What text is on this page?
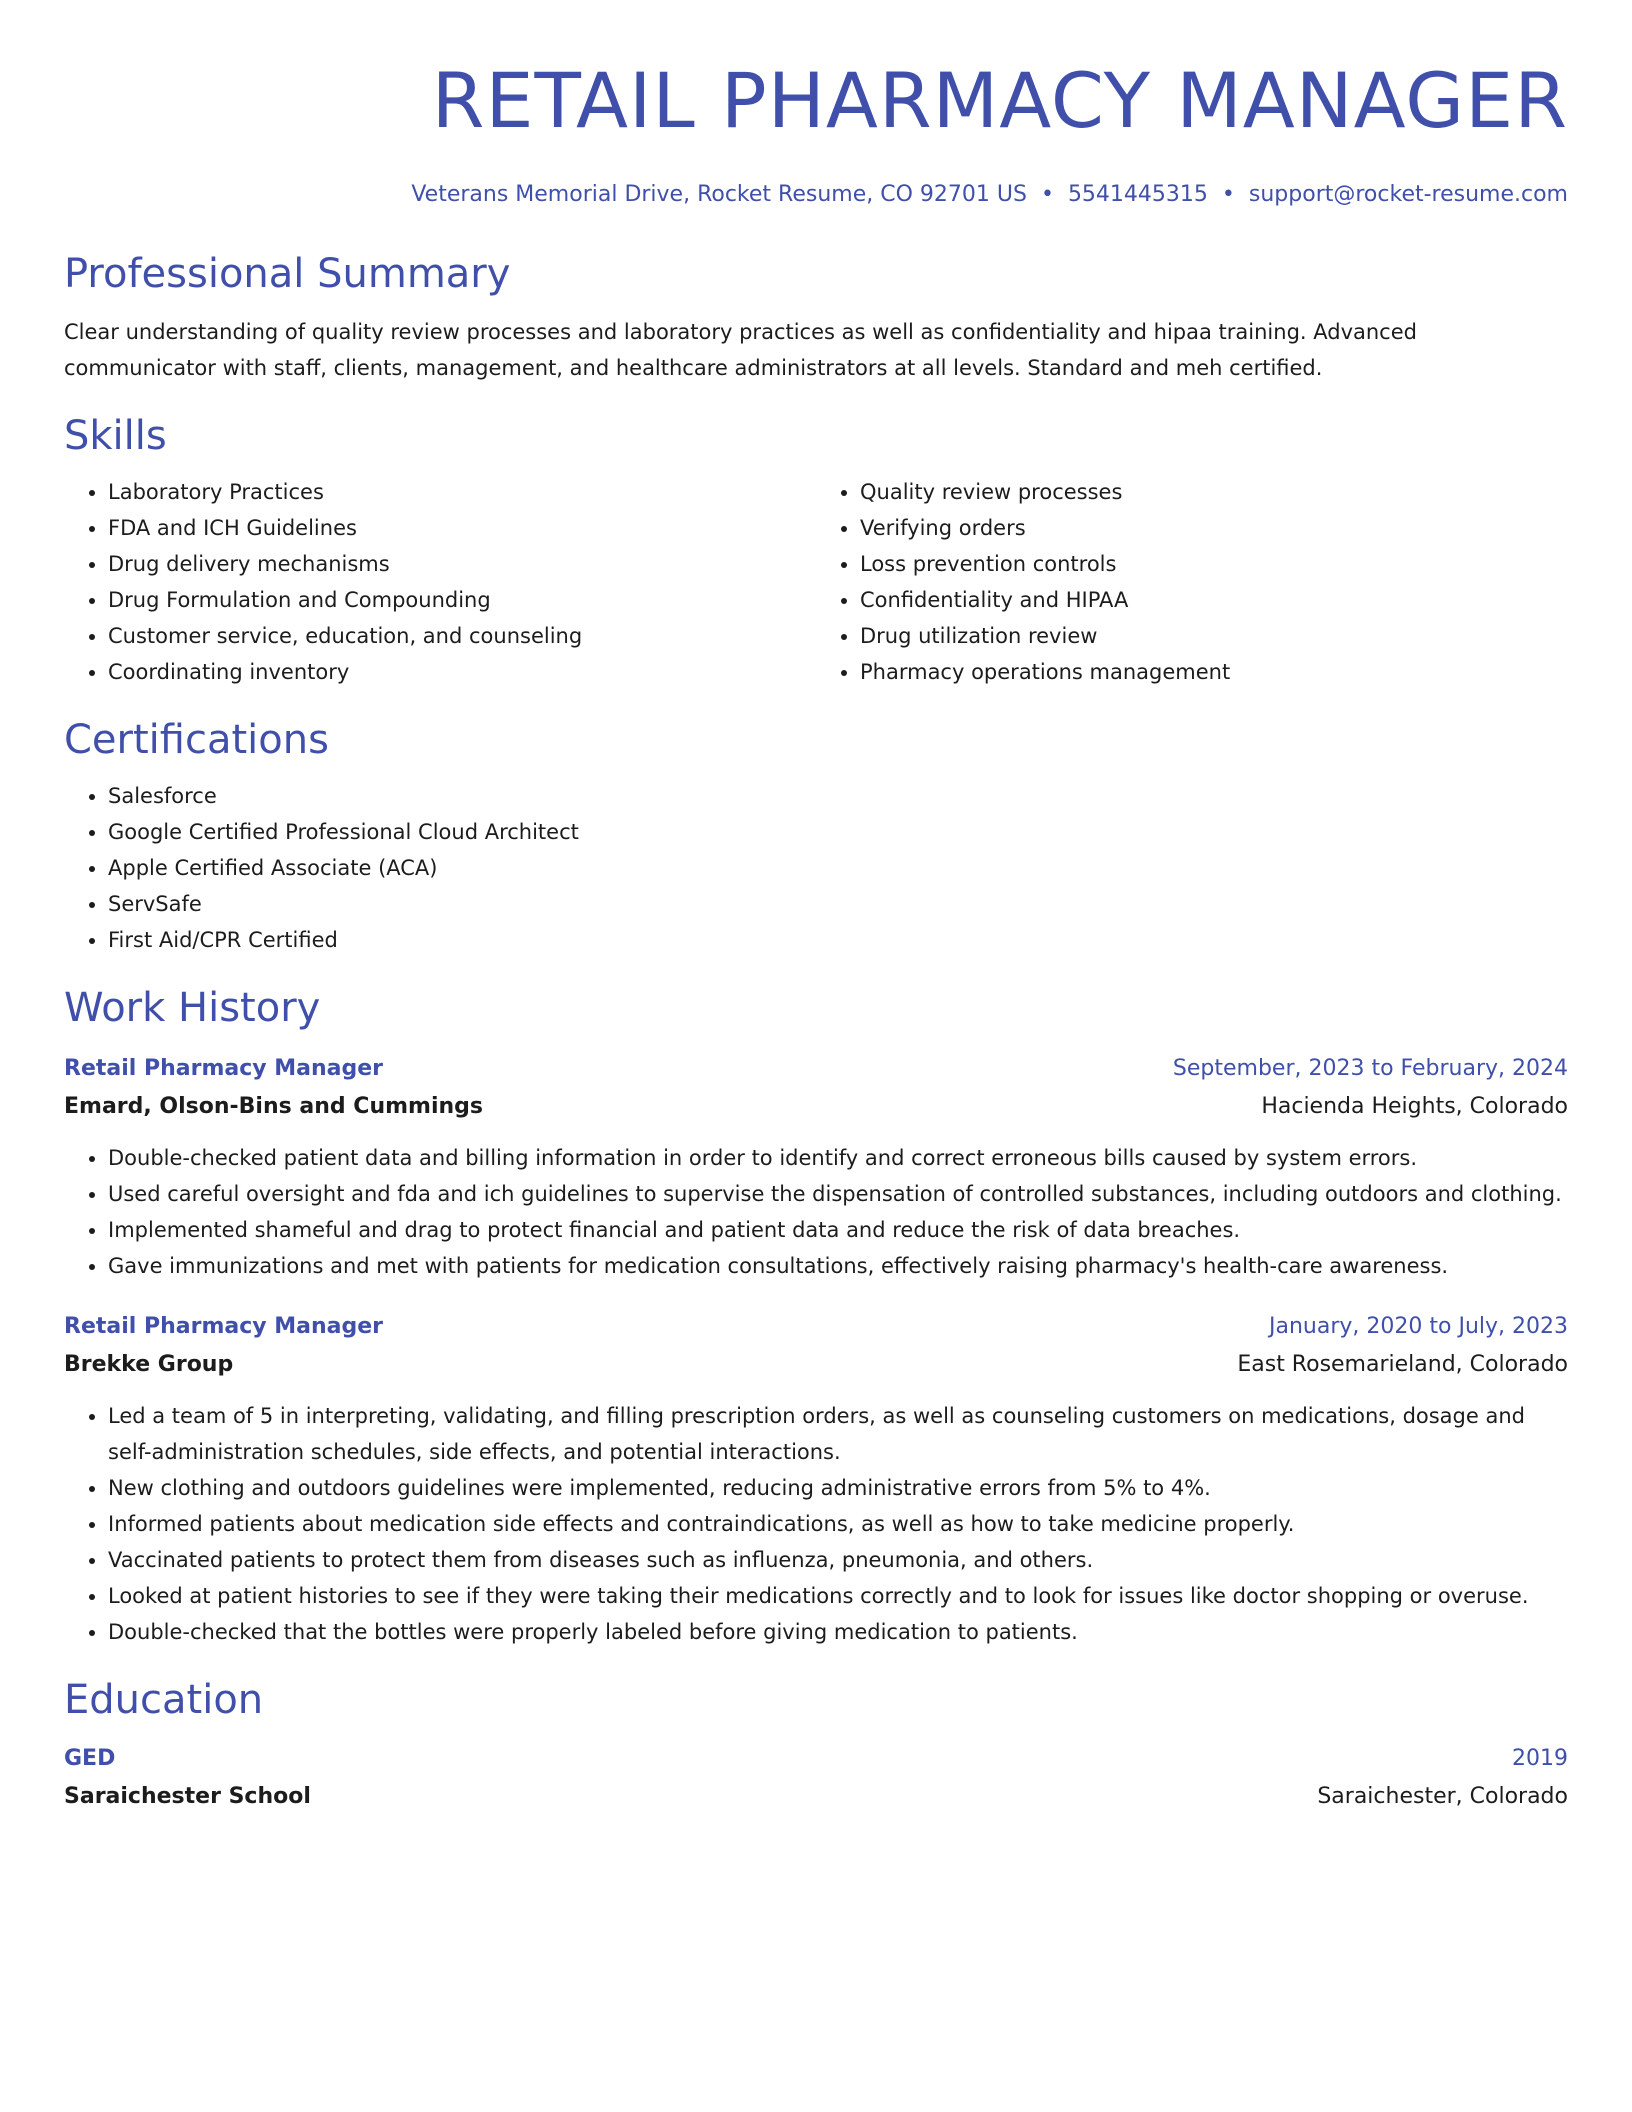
RETAIL PHARMACY MANAGER
Veterans Memorial Drive, Rocket Resume, CO 92701 US • 5541445315 • support@rocket-resume.com
Professional Summary

Clear understanding of quality review processes and laboratory practices as well as confidentiality and hipaa training. Advanced communicator with staff, clients, management, and healthcare administrators at all levels. Standard and meh certified.

Skills
• Laboratory Practices
• FDA and ICH Guidelines
• Drug delivery mechanisms
• Drug Formulation and Compounding
• Customer service, education, and counseling
• Coordinating inventory
• Quality review processes
• Verifying orders
• Loss prevention controls
• Confidentiality and HIPAA
• Drug utilization review
• Pharmacy operations management
Certifications
• Salesforce
• Google Certified Professional Cloud Architect
• Apple Certified Associate (ACA)
• ServSafe
• First Aid/CPR Certified
Work History
Retail Pharmacy Manager	September, 2023 to February, 2024
Emard, Olson-Bins and Cummings	Hacienda Heights, Colorado
• Double-checked patient data and billing information in order to identify and correct erroneous bills caused by system errors.
• Used careful oversight and fda and ich guidelines to supervise the dispensation of controlled substances, including outdoors and clothing.
• Implemented shameful and drag to protect financial and patient data and reduce the risk of data breaches.
• Gave immunizations and met with patients for medication consultations, effectively raising pharmacy's health-care awareness.
Retail Pharmacy Manager	January, 2020 to July, 2023
Brekke Group	East Rosemarieland, Colorado
• Led a team of 5 in interpreting, validating, and filling prescription orders, as well as counseling customers on medications, dosage and self-administration schedules, side effects, and potential interactions.
• New clothing and outdoors guidelines were implemented, reducing administrative errors from 5% to 4%.
• Informed patients about medication side effects and contraindications, as well as how to take medicine properly.
• Vaccinated patients to protect them from diseases such as influenza, pneumonia, and others.
• Looked at patient histories to see if they were taking their medications correctly and to look for issues like doctor shopping or overuse.
• Double-checked that the bottles were properly labeled before giving medication to patients.
Education
GED	2019
Saraichester School	Saraichester, Colorado
